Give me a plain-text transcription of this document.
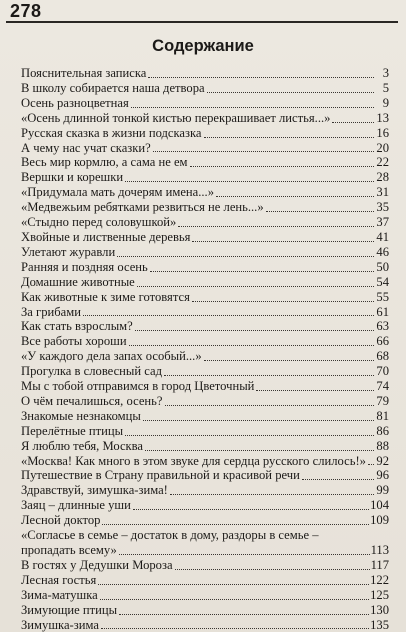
278
Содержание
Пояснительная записка	3
В школу собирается наша детвора	5
Осень разноцветная	9
«Осень длинной тонкой кистью перекрашивает листья...»	13
Русская сказка в жизни подсказка	16
А чему нас учат сказки?	20
Весь мир кормлю, а сама не ем	22
Вершки и корешки	28
«Придумала мать дочерям имена...»	31
«Медвежьим ребятками резвиться не лень...»	35
«Стыдно перед соловушкой»	37
Хвойные и лиственные деревья	41
Улетают журавли	46
Ранняя и поздняя осень	50
Домашние животные	54
Как животные к зиме готовятся	55
За грибами	61
Как стать взрослым?	63
Все работы хороши	66
«У каждого дела запах особый...»	68
Прогулка в словесный сад	70
Мы с тобой отправимся в город Цветочный	74
О чём печалишься, осень?	79
Знакомые незнакомцы	81
Перелётные птицы	86
Я люблю тебя, Москва	88
«Москва! Как много в этом звуке для сердца русского слилось!» 92
Путешествие в Страну правильной и красивой речи	96
Здравствуй, зимушка-зима!	99
Заяц – длинные уши	104
Лесной доктор	109
«Согласье в семье – достаток в дому, раздоры в семье –
пропадать всему»	113
В гостях у Дедушки Мороза	117
Лесная гостья	122
Зима-матушка	125
Зимующие птицы	130
Зимушка-зима	135
